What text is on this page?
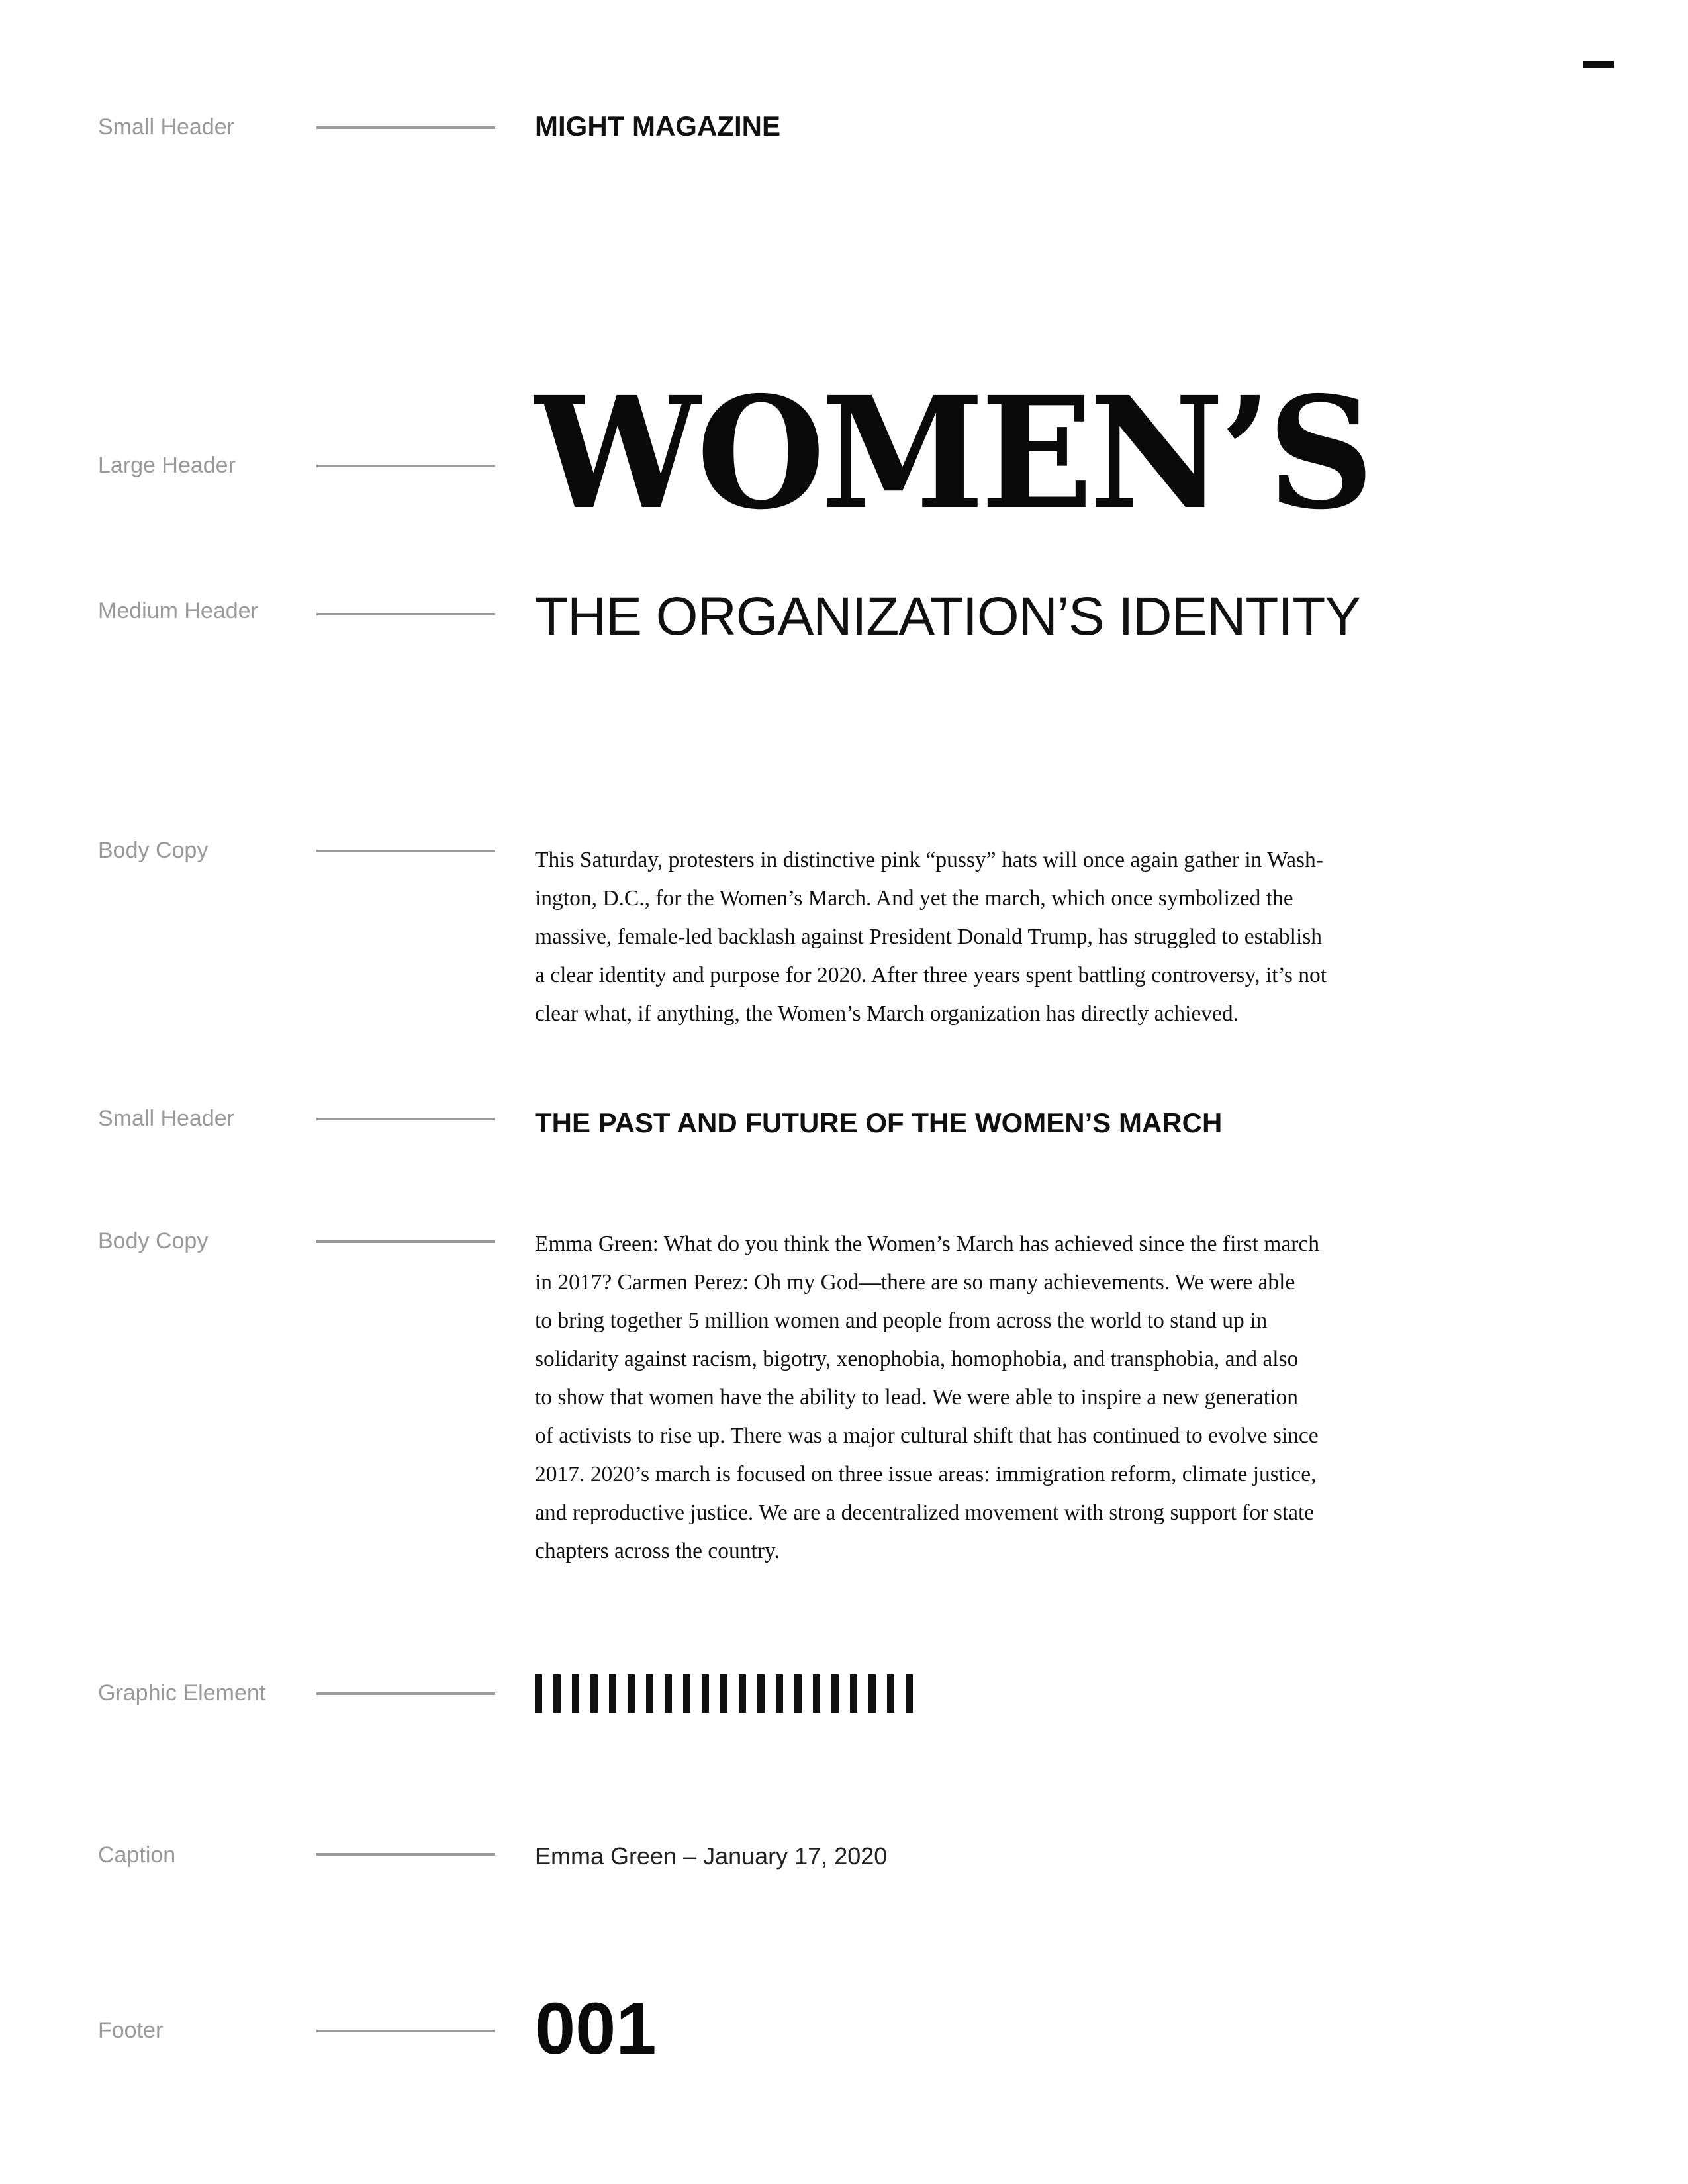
Small Header	MIGHT MAGAZINE
Large Header WOMEN’S
Medium Header	THE ORGANIZATION’S IDENTITY
Body Copy	This Saturday, protesters in distinctive pink “pussy” hats will once again gather in Wash-
ington, D.C., for the Women’s March. And yet the march, which once symbolized the
massive, female-led backlash against President Donald Trump, has struggled to establish
a clear identity and purpose for 2020. After three years spent battling controversy, it’s not
clear what, if anything, the Women’s March organization has directly achieved.
Small Header	THE PAST AND FUTURE OF THE WOMEN’S MARCH
Body Copy	Emma Green: What do you think the Women’s March has achieved since the first march
in 2017? Carmen Perez: Oh my God—there are so many achievements. We were able
to bring together 5 million women and people from across the world to stand up in
solidarity against racism, bigotry, xenophobia, homophobia, and transphobia, and also
to show that women have the ability to lead. We were able to inspire a new generation
of activists to rise up. There was a major cultural shift that has continued to evolve since
2017. 2020’s march is focused on three issue areas: immigration reform, climate justice,
and reproductive justice. We are a decentralized movement with strong support for state
chapters across the country.
Graphic Element
Caption	Emma Green – January 17, 2020
Footer	001
